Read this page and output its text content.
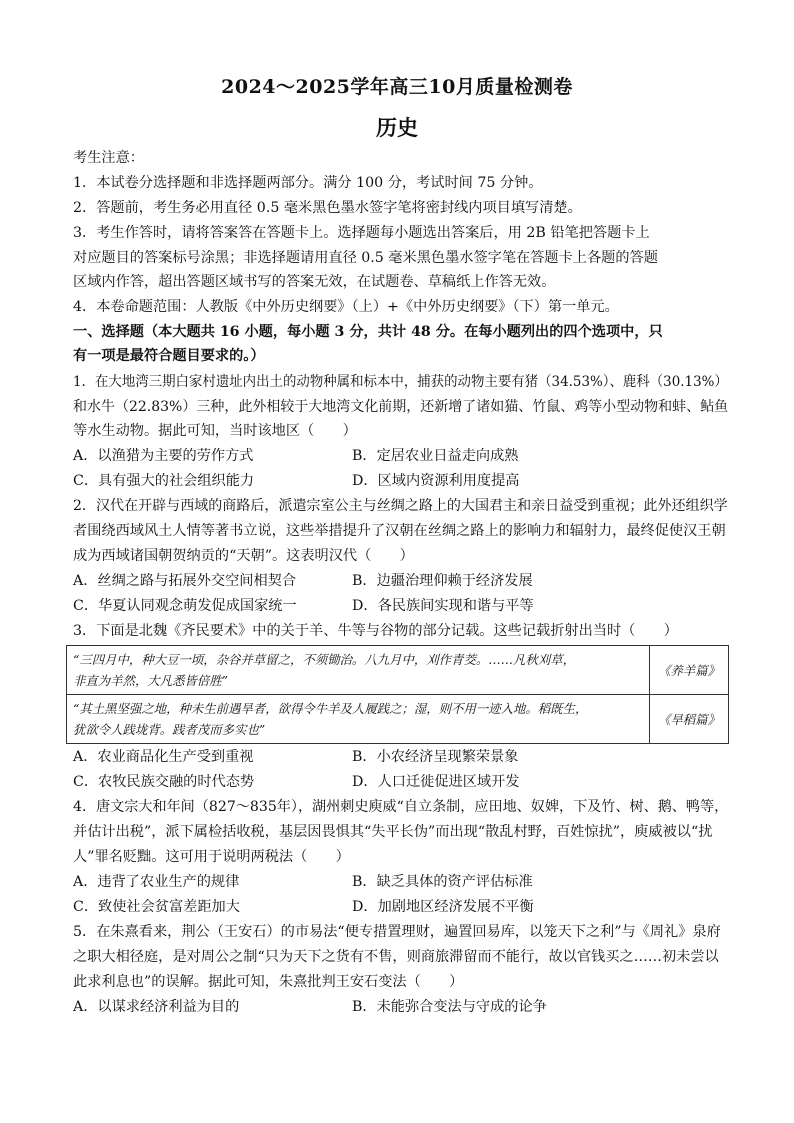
2024～2025学年高三10月质量检测卷
历史
考生注意：
1．本试卷分选择题和非选择题两部分。满分 100 分，考试时间 75 分钟。
2．答题前，考生务必用直径 0.5 毫米黑色墨水签字笔将密封线内项目填写清楚。
3．考生作答时，请将答案答在答题卡上。选择题每小题选出答案后，用 2B 铅笔把答题卡上
对应题目的答案标号涂黑；非选择题请用直径 0.5 毫米黑色墨水签字笔在答题卡上各题的答题
区域内作答，超出答题区域书写的答案无效，在试题卷、草稿纸上作答无效。
4．本卷命题范围：人教版《中外历史纲要》（上）+《中外历史纲要》（下）第一单元。
一、选择题（本大题共 16 小题，每小题 3 分，共计 48 分。在每小题列出的四个选项中，只
有一项是最符合题目要求的。）
1．在大地湾三期白家村遗址内出土的动物种属和标本中，捕获的动物主要有猪（34.53%）、鹿科（30.13%）
和水牛（22.83%）三种，此外相较于大地湾文化前期，还新增了诸如猫、竹鼠、鸡等小型动物和蚌、鲇鱼
等水生动物。据此可知，当时该地区（　　）
A．以渔猎为主要的劳作方式	B．定居农业日益走向成熟
C．具有强大的社会组织能力	D．区域内资源利用度提高
2．汉代在开辟与西域的商路后，派遣宗室公主与丝绸之路上的大国君主和亲日益受到重视；此外还组织学
者围绕西域风土人情等著书立说，这些举措提升了汉朝在丝绸之路上的影响力和辐射力，最终促使汉王朝
成为西域诸国朝贺纳贡的“天朝”。这表明汉代（　　）
A．丝绸之路与拓展外交空间相契合	B．边疆治理仰赖于经济发展
C．华夏认同观念萌发促成国家统一	D．各民族间实现和谐与平等
3．下面是北魏《齐民要术》中的关于羊、牛等与谷物的部分记载。这些记载折射出当时（　　）
“三四月中，种大豆一顷，杂谷并草留之，不须锄治。八九月中，刈作青茭。……凡秋刈草，
非直为羊然，大凡悉皆倍胜”	《养羊篇》

“其土黑坚强之地，种未生前遇旱者，欲得令牛羊及人履践之；湿，则不用一迹入地。稻既生，
犹欲令人践垅背。践者茂而多实也”	《旱稻篇》
A．农业商品化生产受到重视	B．小农经济呈现繁荣景象
C．农牧民族交融的时代态势	D．人口迁徙促进区域开发
4．唐文宗大和年间（827～835年），湖州刺史庾威“自立条制，应田地、奴婢，下及竹、树、鹅、鸭等，
并估计出税”，派下属检括收税，基层因畏惧其“失平长伪”而出现“散乱村野，百姓惊扰”，庾威被以“扰
人”罪名贬黜。这可用于说明两税法（　　）
A．违背了农业生产的规律	B．缺乏具体的资产评估标准
C．致使社会贫富差距加大	D．加剧地区经济发展不平衡
5．在朱熹看来，荆公（王安石）的市易法“便专措置理财，遍置回易库，以笼天下之利”与《周礼》泉府
之职大相径庭，是对周公之制“只为天下之货有不售，则商旅滞留而不能行，故以官钱买之……初未尝以
此求利息也”的误解。据此可知，朱熹批判王安石变法（　　）
A．以谋求经济利益为目的	B．未能弥合变法与守成的论争
